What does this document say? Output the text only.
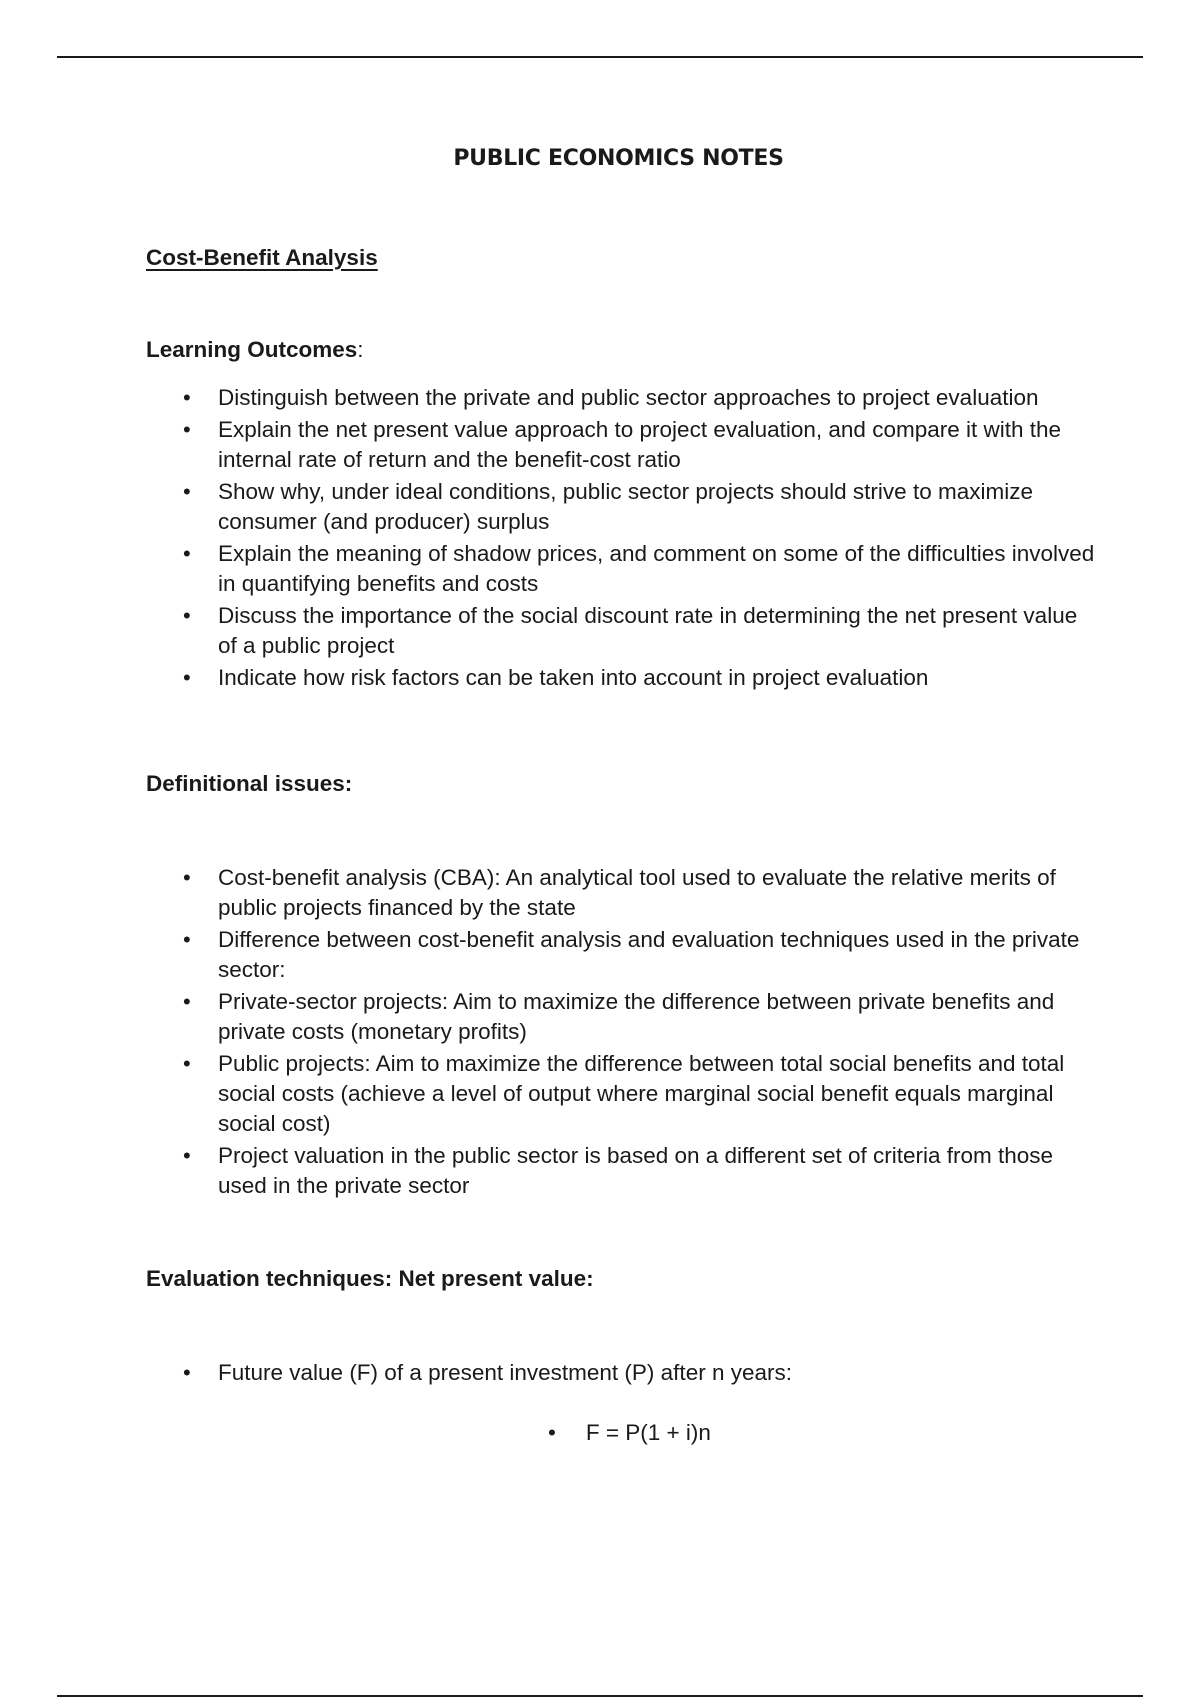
PUBLIC ECONOMICS NOTES
Cost-Benefit Analysis
Learning Outcomes:
• Distinguish between the private and public sector approaches to project evaluation
• Explain the net present value approach to project evaluation, and compare it with the internal rate of return and the benefit-cost ratio
• Show why, under ideal conditions, public sector projects should strive to maximize consumer (and producer) surplus
• Explain the meaning of shadow prices, and comment on some of the difficulties involved in quantifying benefits and costs
• Discuss the importance of the social discount rate in determining the net present value of a public project
• Indicate how risk factors can be taken into account in project evaluation
Definitional issues:
• Cost-benefit analysis (CBA): An analytical tool used to evaluate the relative merits of public projects financed by the state
• Difference between cost-benefit analysis and evaluation techniques used in the private sector:
• Private-sector projects: Aim to maximize the difference between private benefits and private costs (monetary profits)
• Public projects: Aim to maximize the difference between total social benefits and total social costs (achieve a level of output where marginal social benefit equals marginal social cost)
• Project valuation in the public sector is based on a different set of criteria from those used in the private sector
Evaluation techniques: Net present value:
• Future value (F) of a present investment (P) after n years:
• F = P(1 + i)n
